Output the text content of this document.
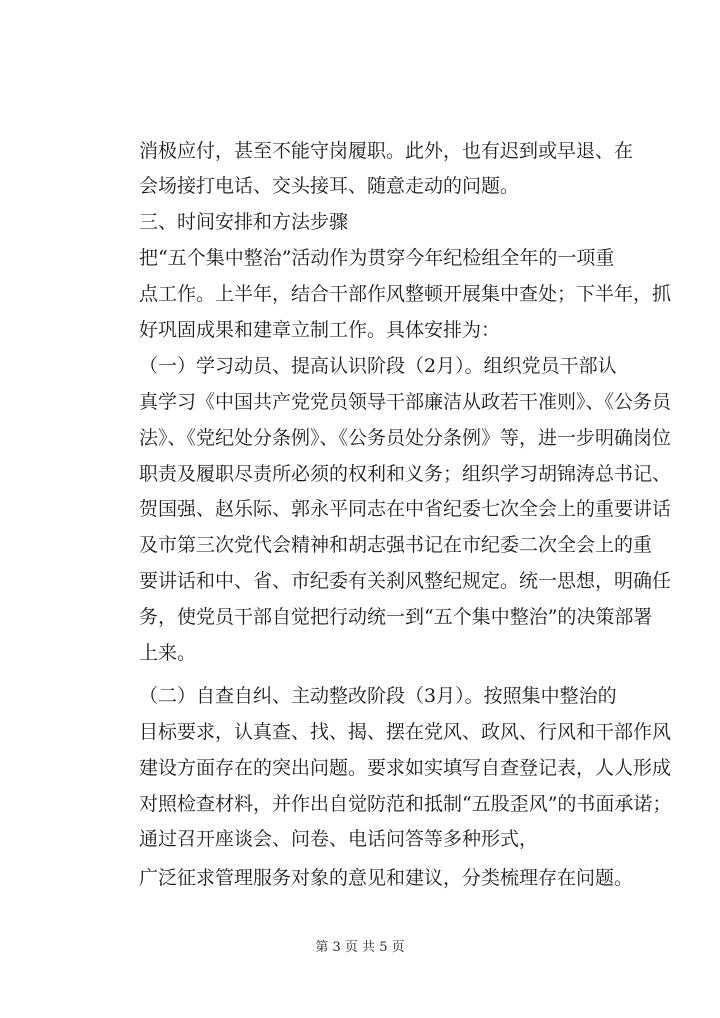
消极应付，甚至不能守岗履职。此外，也有迟到或早退、在

会场接打电话、交头接耳、随意走动的问题。

三、时间安排和方法步骤

把“五个集中整治”活动作为贯穿今年纪检组全年的一项重

点工作。上半年，结合干部作风整顿开展集中查处；下半年，抓

好巩固成果和建章立制工作。具体安排为：

（一）学习动员、提高认识阶段（2月）。组织党员干部认

真学习《中国共产党党员领导干部廉洁从政若干准则》、《公务员

法》、《党纪处分条例》、《公务员处分条例》等，进一步明确岗位

职责及履职尽责所必须的权利和义务；组织学习胡锦涛总书记、

贺国强、赵乐际、郭永平同志在中省纪委七次全会上的重要讲话

及市第三次党代会精神和胡志强书记在市纪委二次全会上的重

要讲话和中、省、市纪委有关刹风整纪规定。统一思想，明确任

务，使党员干部自觉把行动统一到“五个集中整治”的决策部署

上来。

（二）自查自纠、主动整改阶段（3月）。按照集中整治的

目标要求，认真查、找、揭、摆在党风、政风、行风和干部作风

建设方面存在的突出问题。要求如实填写自查登记表，人人形成

对照检查材料，并作出自觉防范和抵制“五股歪风”的书面承诺；

通过召开座谈会、问卷、电话问答等多种形式，

广泛征求管理服务对象的意见和建议，分类梳理存在问题。

第 3 页 共 5 页
